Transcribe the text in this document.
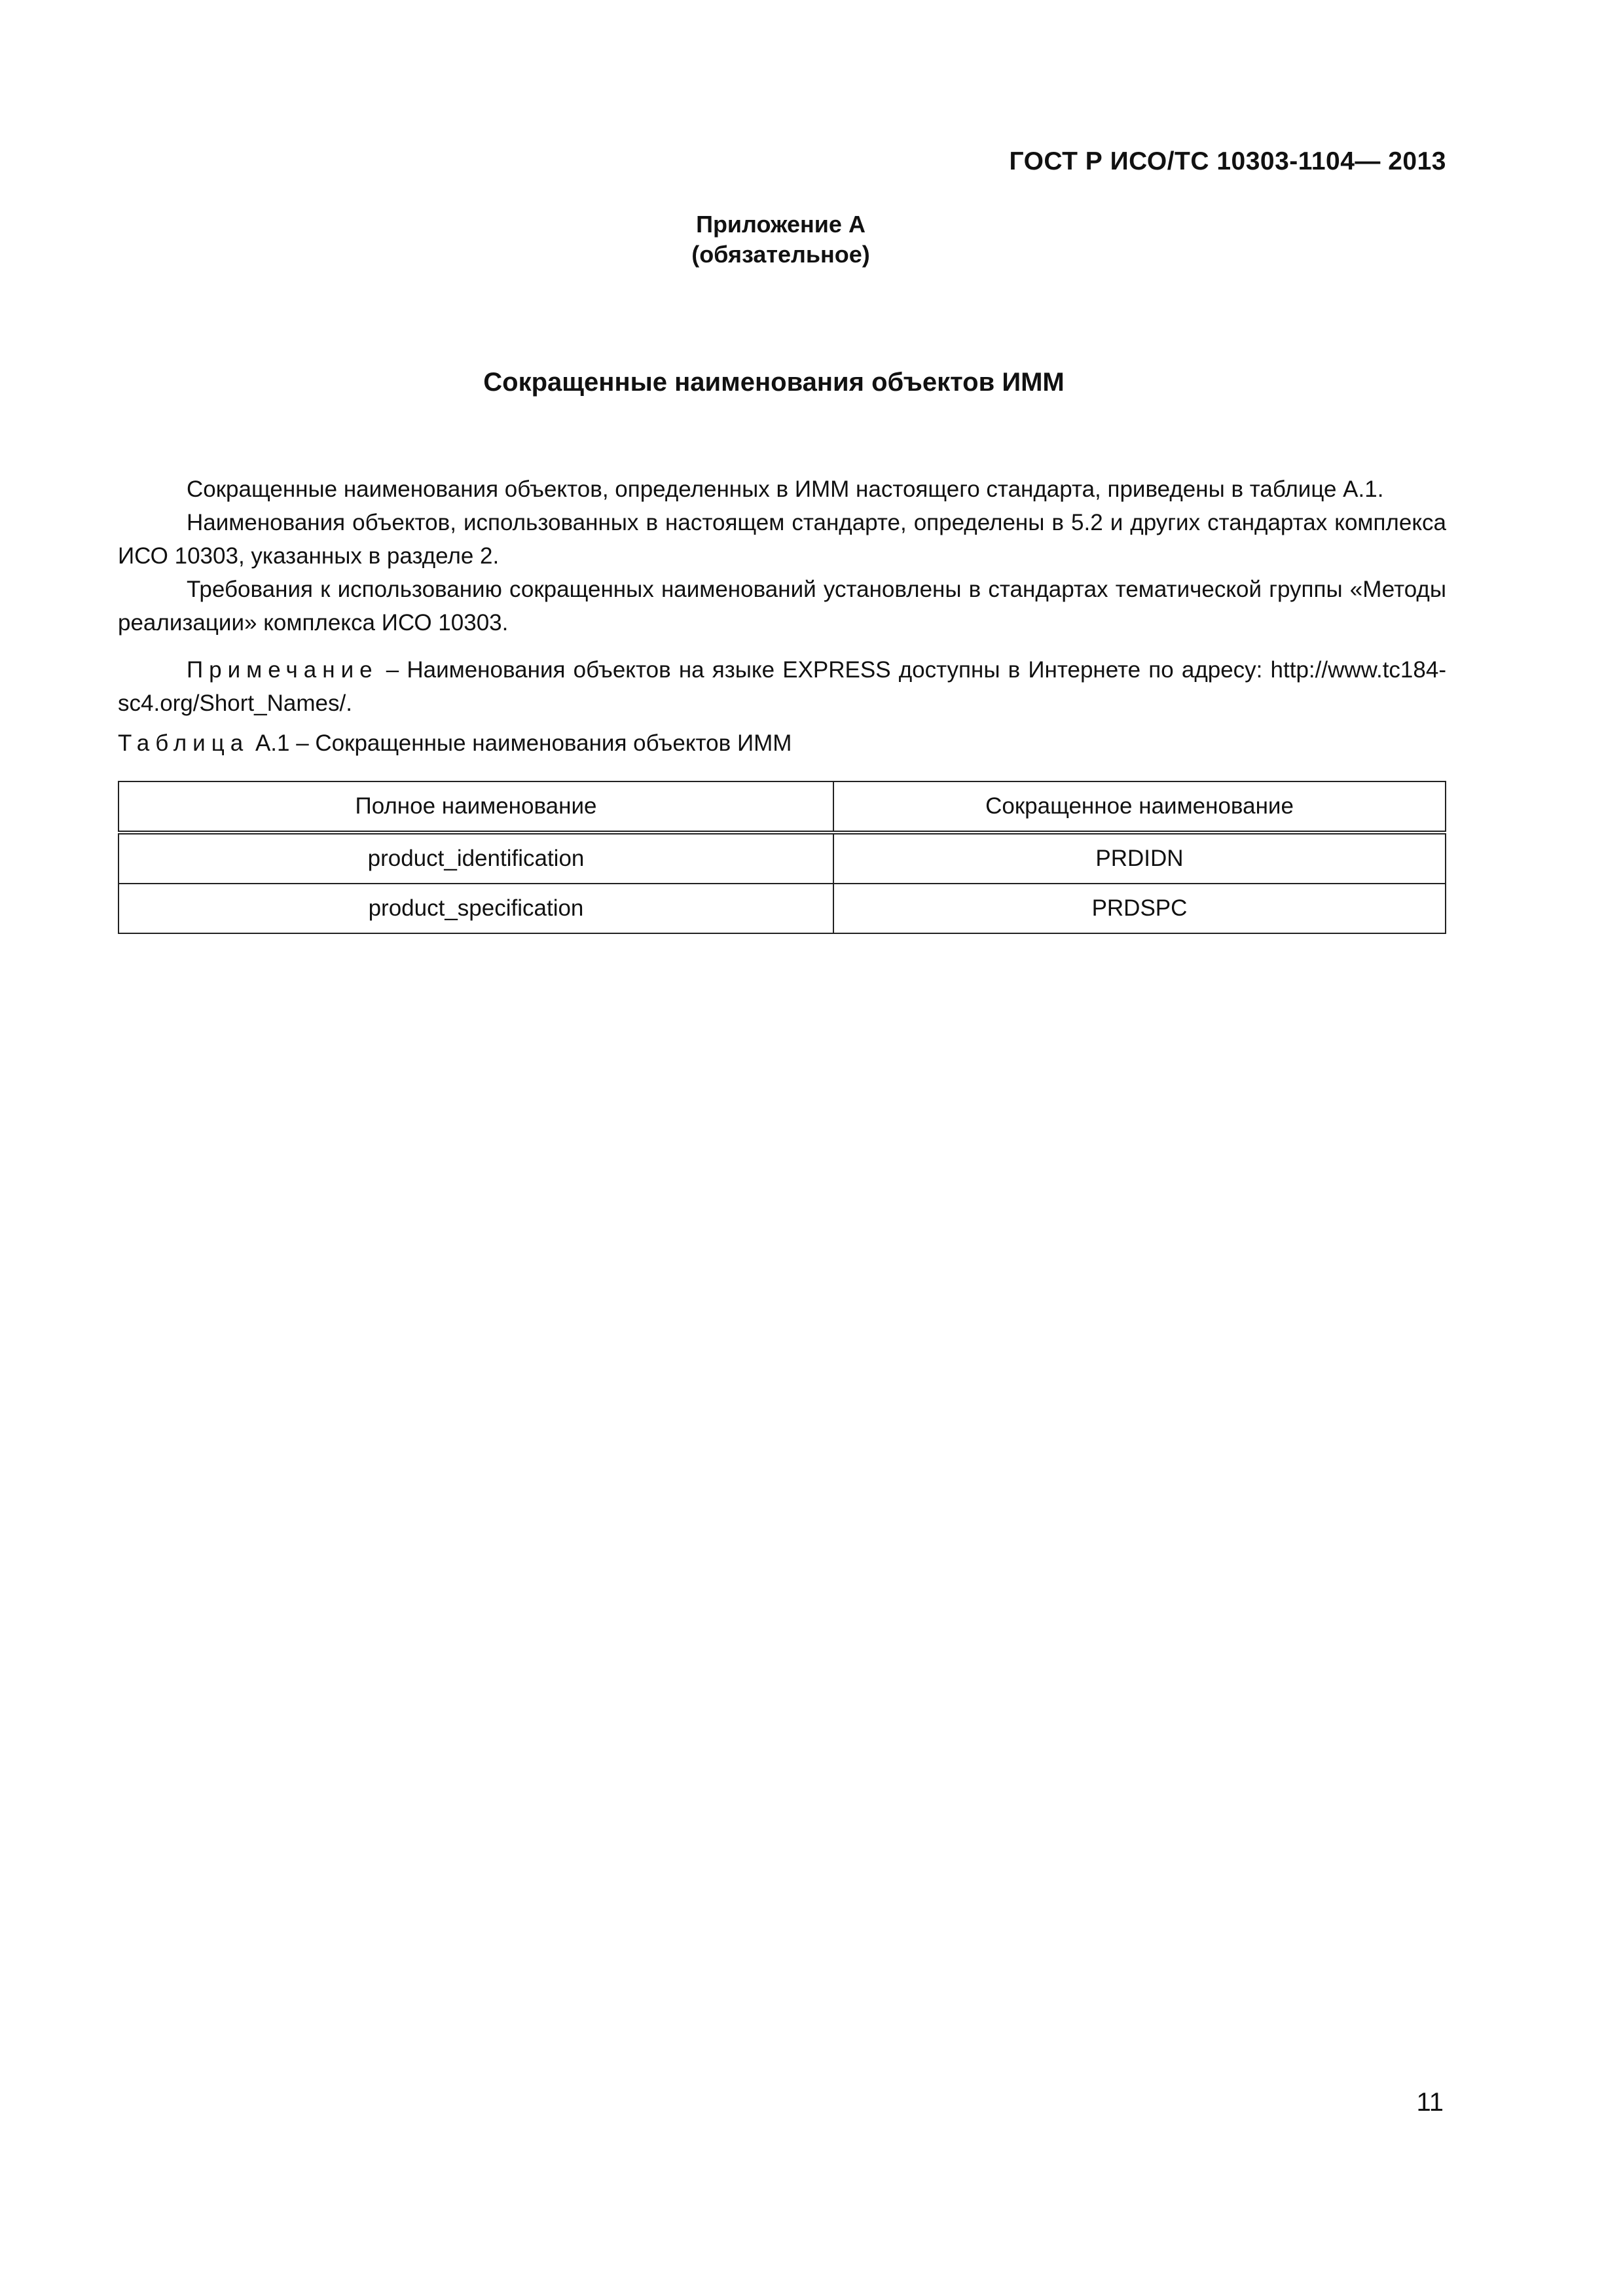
ГОСТ Р ИСО/ТС 10303-1104— 2013
Приложение А
(обязательное)
Сокращенные наименования объектов ИММ

Сокращенные наименования объектов, определенных в ИММ настоящего стандарта, приведены в таблице А.1.

Наименования объектов, использованных в настоящем стандарте, определены в 5.2 и других стандартах комплекса ИСО 10303, указанных в разделе 2.

Требования к использованию сокращенных наименований установлены в стандартах тематической группы «Методы реализации» комплекса ИСО 10303.

Примечание – Наименования объектов на языке EXPRESS доступны в Интернете по адресу: http://www.tc184-sc4.org/Short_Names/.

Таблица А.1 – Сокращенные наименования объектов ИММ
Полное наименование	Сокращенное наименование
product_identification	PRDIDN
product_specification	PRDSPC
11
